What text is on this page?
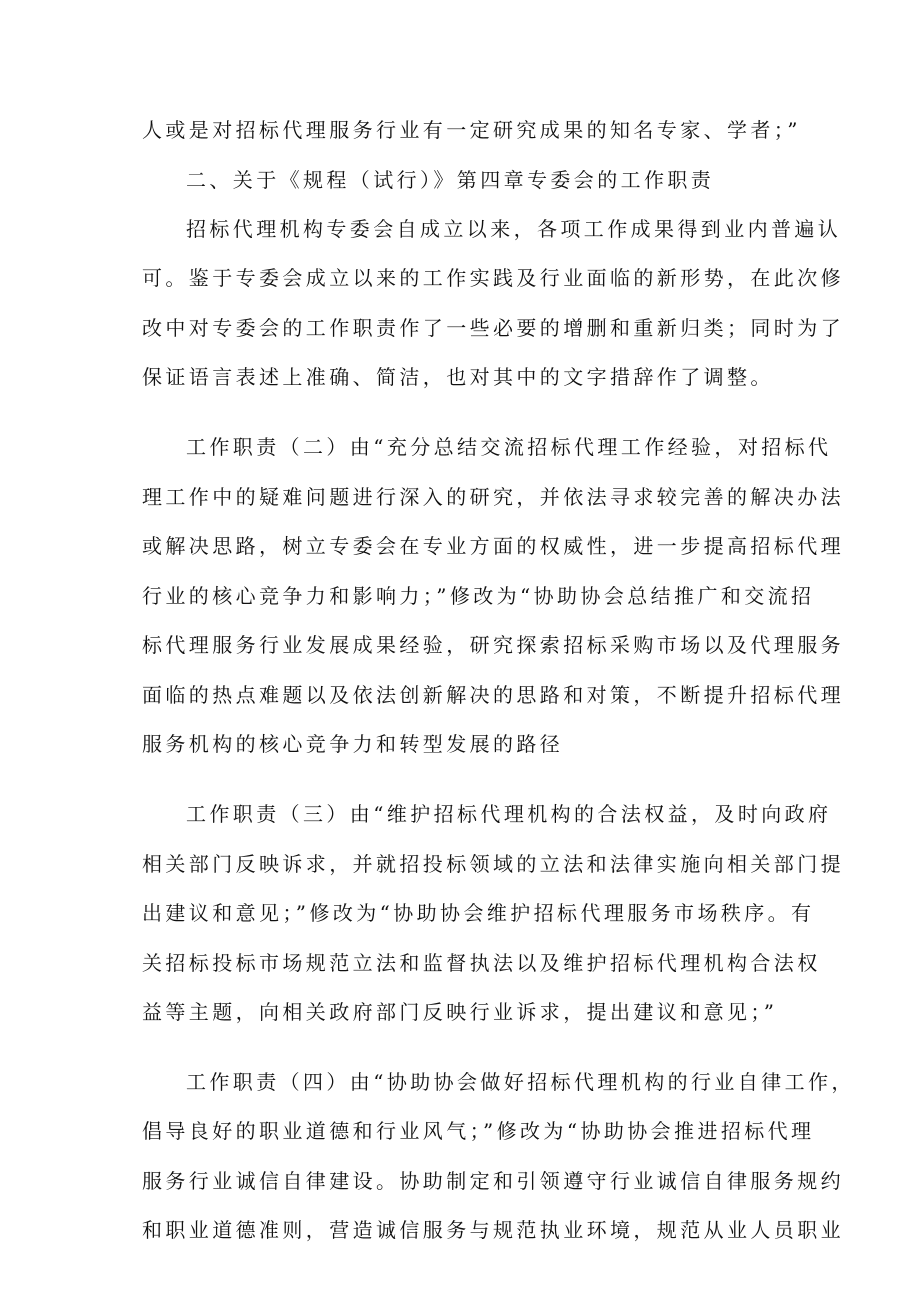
人或是对招标代理服务行业有一定研究成果的知名专家、学者；”
二、关于《规程（试行）》第四章专委会的工作职责
招标代理机构专委会自成立以来，各项工作成果得到业内普遍认
可。鉴于专委会成立以来的工作实践及行业面临的新形势，在此次修
改中对专委会的工作职责作了一些必要的增删和重新归类；同时为了
保证语言表述上准确、简洁，也对其中的文字措辞作了调整。
工作职责（二）由“充分总结交流招标代理工作经验，对招标代
理工作中的疑难问题进行深入的研究，并依法寻求较完善的解决办法
或解决思路，树立专委会在专业方面的权威性，进一步提高招标代理
行业的核心竞争力和影响力；”修改为“协助协会总结推广和交流招
标代理服务行业发展成果经验，研究探索招标采购市场以及代理服务
面临的热点难题以及依法创新解决的思路和对策，不断提升招标代理
服务机构的核心竞争力和转型发展的路径
工作职责（三）由“维护招标代理机构的合法权益，及时向政府
相关部门反映诉求，并就招投标领域的立法和法律实施向相关部门提
出建议和意见；”修改为“协助协会维护招标代理服务市场秩序。有
关招标投标市场规范立法和监督执法以及维护招标代理机构合法权
益等主题，向相关政府部门反映行业诉求，提出建议和意见；”
工作职责（四）由“协助协会做好招标代理机构的行业自律工作，
倡导良好的职业道德和行业风气；”修改为“协助协会推进招标代理
服务行业诚信自律建设。协助制定和引领遵守行业诚信自律服务规约
和职业道德准则，营造诚信服务与规范执业环境，规范从业人员职业
